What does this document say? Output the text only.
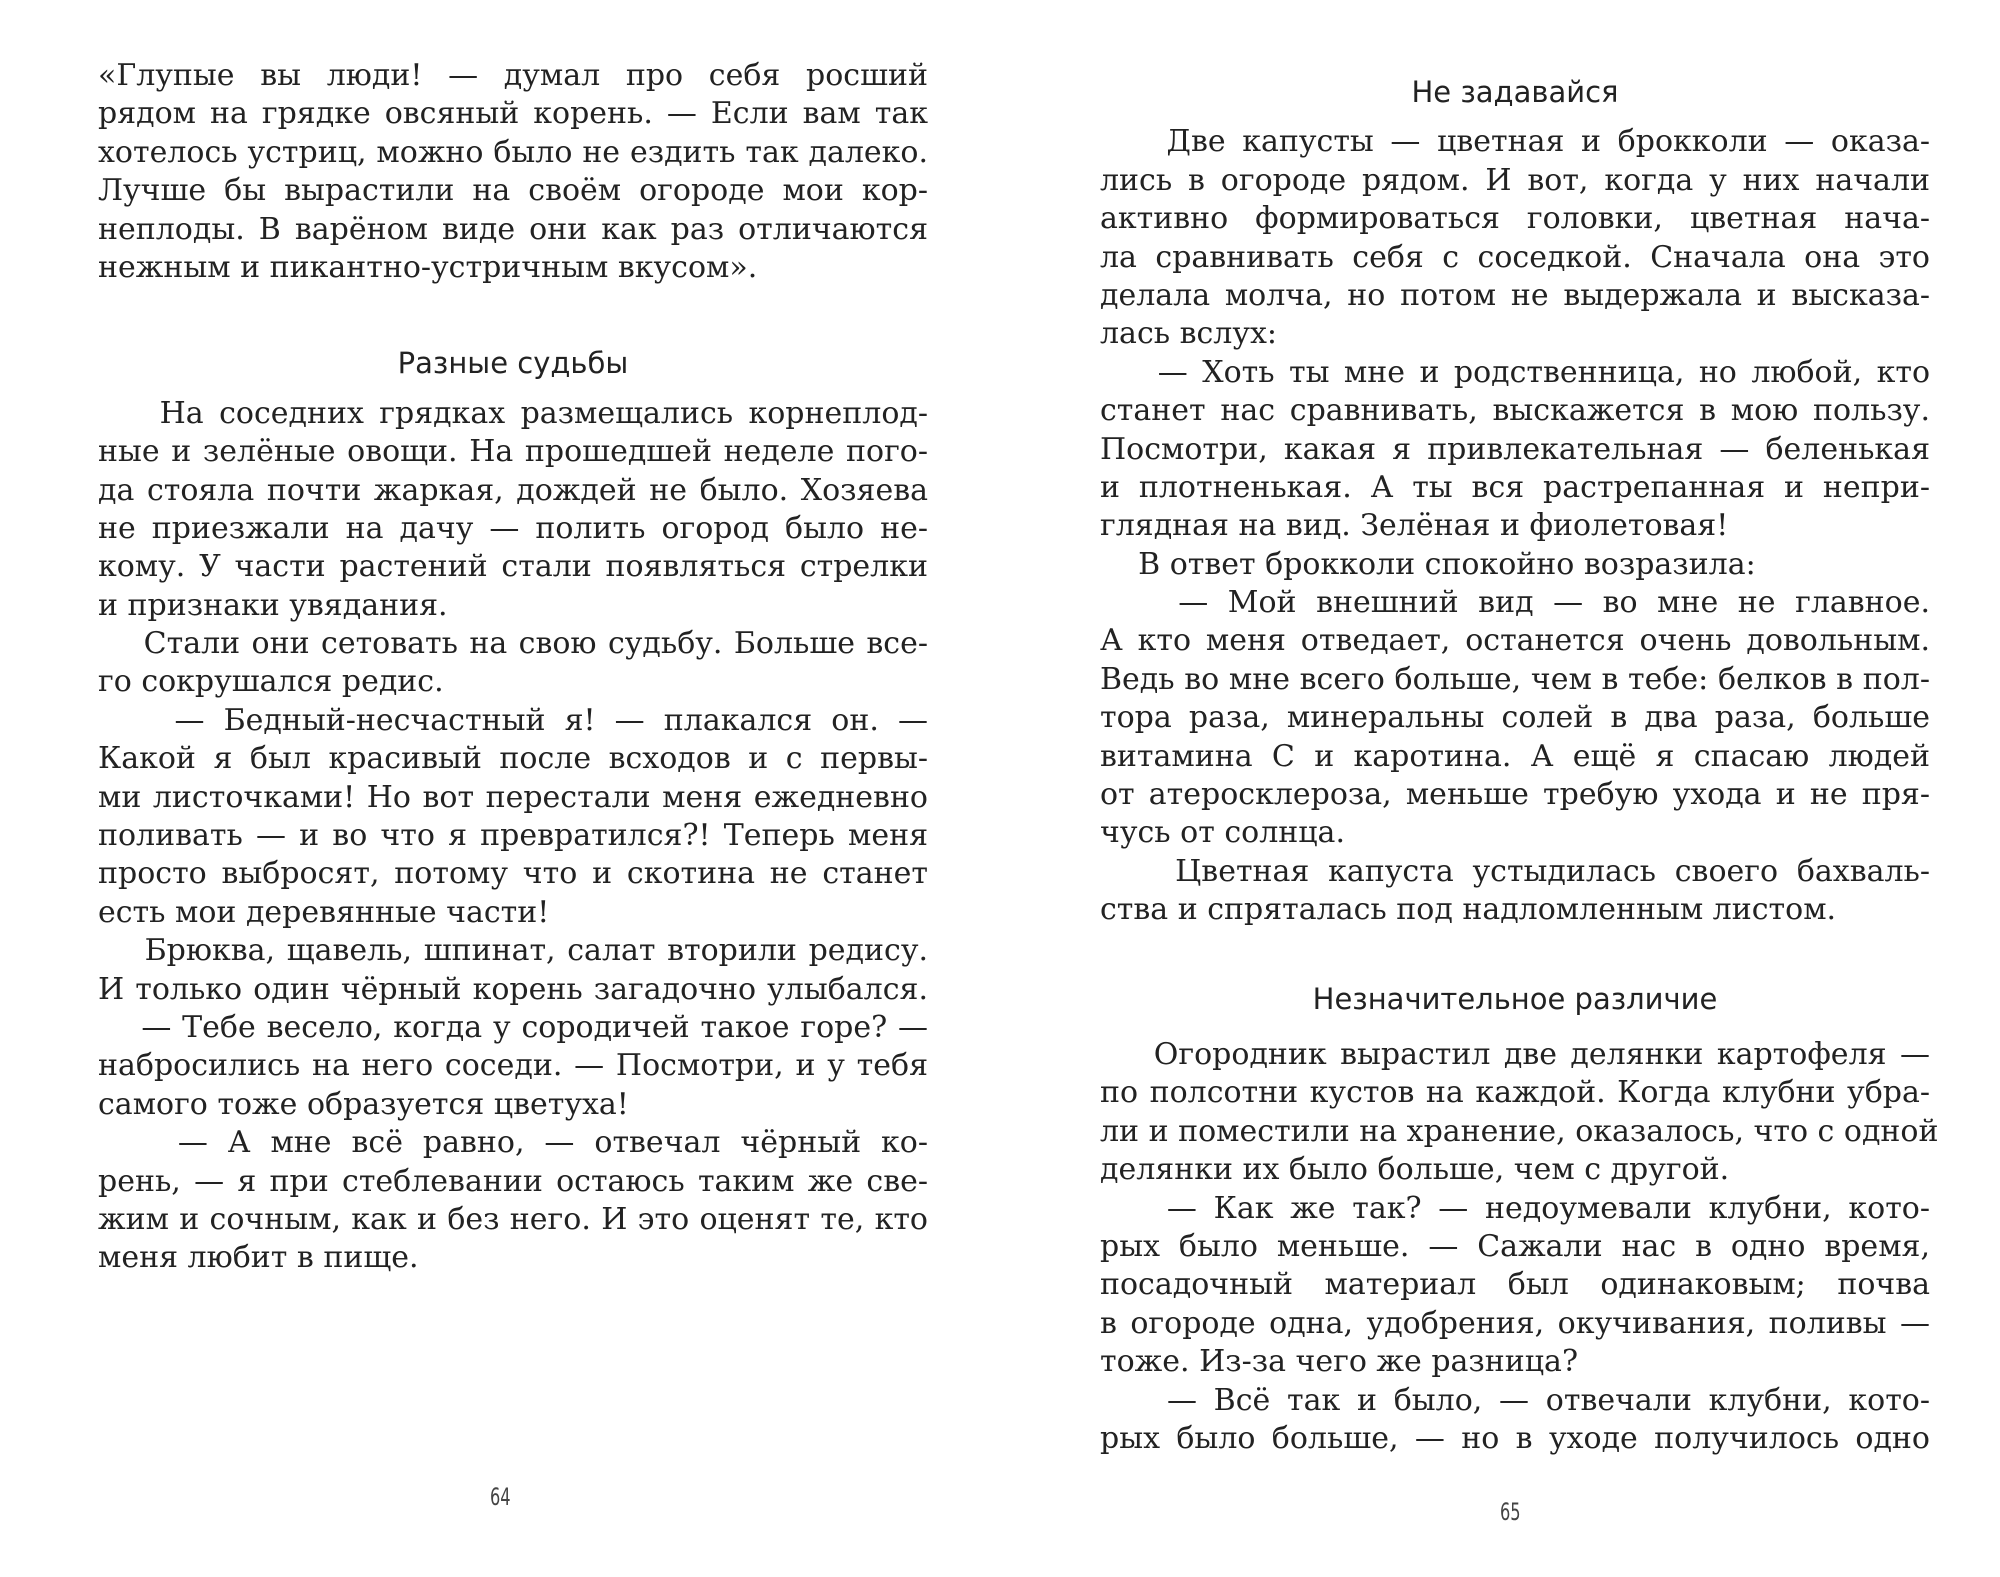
«Глупые вы люди! — думал про себя росший
рядом на грядке овсяный корень. — Если вам так
хотелось устриц, можно было не ездить так далеко.
Лучше бы вырастили на своём огороде мои кор-
неплоды. В варёном виде они как раз отличаются
нежным и пикантно-устричным вкусом».
Разные судьбы
На соседних грядках размещались корнеплод-
ные и зелёные овощи. На прошедшей неделе пого-
да стояла почти жаркая, дождей не было. Хозяева
не приезжали на дачу — полить огород было не-
кому. У части растений стали появляться стрелки
и признаки увядания.
Стали они сетовать на свою судьбу. Больше все-
го сокрушался редис.
— Бедный-несчастный я! — плакался он. —
Какой я был красивый после всходов и с первы-
ми листочками! Но вот перестали меня ежедневно
поливать — и во что я превратился?! Теперь меня
просто выбросят, потому что и скотина не станет
есть мои деревянные части!
Брюква, щавель, шпинат, салат вторили редису.
И только один чёрный корень загадочно улыбался.
— Тебе весело, когда у сородичей такое горе? —
набросились на него соседи. — Посмотри, и у тебя
самого тоже образуется цветуха!
— А мне всё равно, — отвечал чёрный ко-
рень, — я при стеблевании остаюсь таким же све-
жим и сочным, как и без него. И это оценят те, кто
меня любит в пище.
64
Не задавайся
Две капусты — цветная и брокколи — оказа-
лись в огороде рядом. И вот, когда у них начали
активно формироваться головки, цветная нача-
ла сравнивать себя с соседкой. Сначала она это
делала молча, но потом не выдержала и высказа-
лась вслух:
— Хоть ты мне и родственница, но любой, кто
станет нас сравнивать, выскажется в мою пользу.
Посмотри, какая я привлекательная — беленькая
и плотненькая. А ты вся растрепанная и непри-
глядная на вид. Зелёная и фиолетовая!
В ответ брокколи спокойно возразила:
— Мой внешний вид — во мне не главное.
А кто меня отведает, останется очень довольным.
Ведь во мне всего больше, чем в тебе: белков в пол-
тора раза, минеральны солей в два раза, больше
витамина С и каротина. А ещё я спасаю людей
от атеросклероза, меньше требую ухода и не пря-
чусь от солнца.
Цветная капуста устыдилась своего бахваль-
ства и спряталась под надломленным листом.
Незначительное различие
Огородник вырастил две делянки картофеля —
по полсотни кустов на каждой. Когда клубни убра-
ли и поместили на хранение, оказалось, что с одной
делянки их было больше, чем с другой.
— Как же так? — недоумевали клубни, кото-
рых было меньше. — Сажали нас в одно время,
посадочный материал был одинаковым; почва
в огороде одна, удобрения, окучивания, поливы —
тоже. Из-за чего же разница?
— Всё так и было, — отвечали клубни, кото-
рых было больше, — но в уходе получилось одно
65
